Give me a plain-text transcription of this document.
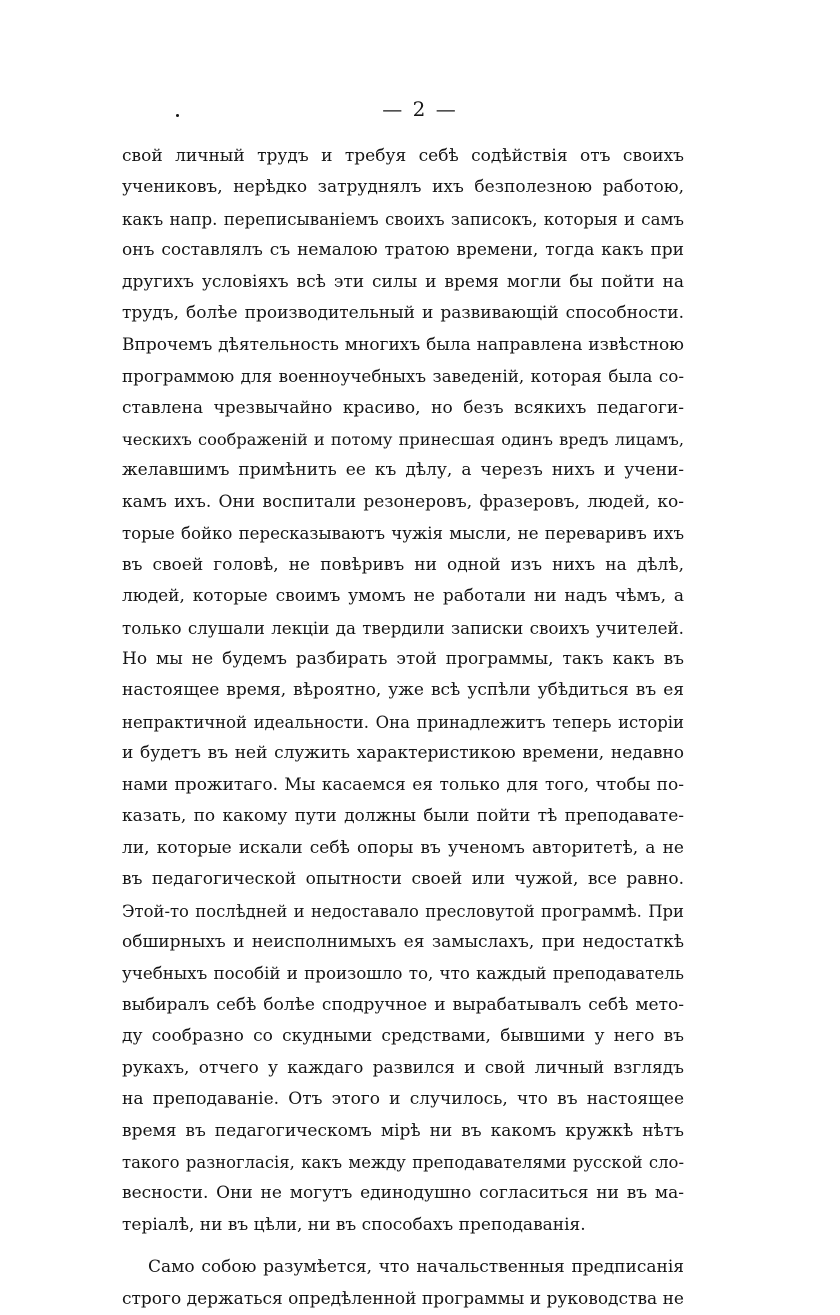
— 2 —
свой личный трудъ и требуя себѣ содѣйствія отъ своихъ
учениковъ, нерѣдко затруднялъ ихъ безполезною работою,
какъ напр. переписываніемъ своихъ записокъ, которыя и самъ
онъ составлялъ съ немалою тратою времени, тогда какъ при
другихъ условіяхъ всѣ эти силы и время могли бы пойти на
трудъ, болѣе производительный и развивающій способности.
Впрочемъ дѣятельность многихъ была направлена извѣстною
программою для военноучебныхъ заведеній, которая была со-
ставлена чрезвычайно красиво, но безъ всякихъ педагоги-
ческихъ соображеній и потому принесшая одинъ вредъ лицамъ,
желавшимъ примѣнить ее къ дѣлу, а черезъ нихъ и учени-
камъ ихъ. Они воспитали резонеровъ, фразеровъ, людей, ко-
торые бойко пересказываютъ чужія мысли, не переваривъ ихъ
въ своей головѣ, не повѣривъ ни одной изъ нихъ на дѣлѣ,
людей, которые своимъ умомъ не работали ни надъ чѣмъ, а
только слушали лекціи да твердили записки своихъ учителей.
Но мы не будемъ разбирать этой программы, такъ какъ въ
настоящее время, вѣроятно, уже всѣ успѣли убѣдиться въ ея
непрактичной идеальности. Она принадлежитъ теперь исторіи
и будетъ въ ней служить характеристикою времени, недавно
нами прожитаго. Мы касаемся ея только для того, чтобы по-
казать, по какому пути должны были пойти тѣ преподавате-
ли, которые искали себѣ опоры въ ученомъ авторитетѣ, а не
въ педагогической опытности своей или чужой, все равно.
Этой-то послѣдней и недоставало пресловутой программѣ. При
обширныхъ и неисполнимыхъ ея замыслахъ, при недостаткѣ
учебныхъ пособій и произошло то, что каждый преподаватель
выбиралъ себѣ болѣе сподручное и вырабатывалъ себѣ мето-
ду сообразно со скудными средствами, бывшими у него въ
рукахъ, отчего у каждаго развился и свой личный взглядъ
на преподаваніе. Отъ этого и случилось, что въ настоящее
время въ педагогическомъ мірѣ ни въ какомъ кружкѣ нѣтъ
такого разногласія, какъ между преподавателями русской сло-
весности. Они не могутъ единодушно согласиться ни въ ма-
теріалѣ, ни въ цѣли, ни въ способахъ преподаванія.
Само собою разумѣется, что начальственныя предписанія
строго держаться опредѣленной программы и руководства не
